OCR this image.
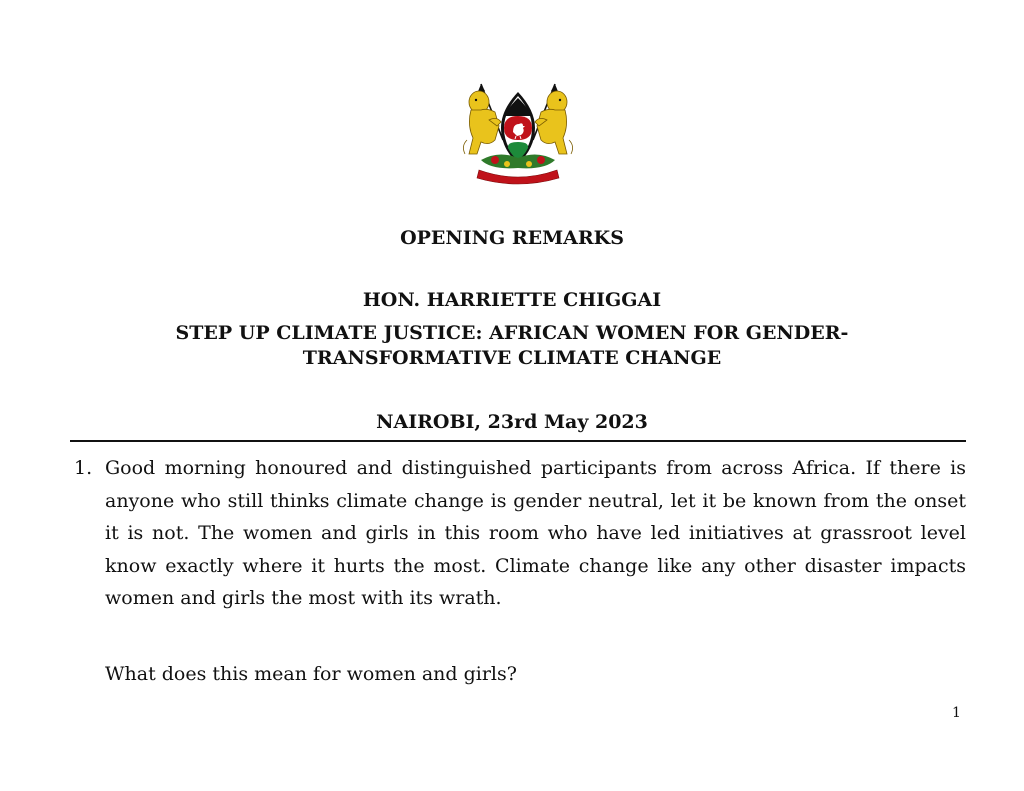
OPENING REMARKS
HON. HARRIETTE CHIGGAI
STEP UP CLIMATE JUSTICE: AFRICAN WOMEN FOR GENDER-
TRANSFORMATIVE CLIMATE CHANGE
NAIROBI, 23rd May 2023
1. Good morning honoured and distinguished participants from across Africa. If there is anyone who still thinks climate change is gender neutral, let it be known from the onset it is not. The women and girls in this room who have led initiatives at grassroot level know exactly where it hurts the most. Climate change like any other disaster impacts women and girls the most with its wrath.
What does this mean for women and girls?
1
